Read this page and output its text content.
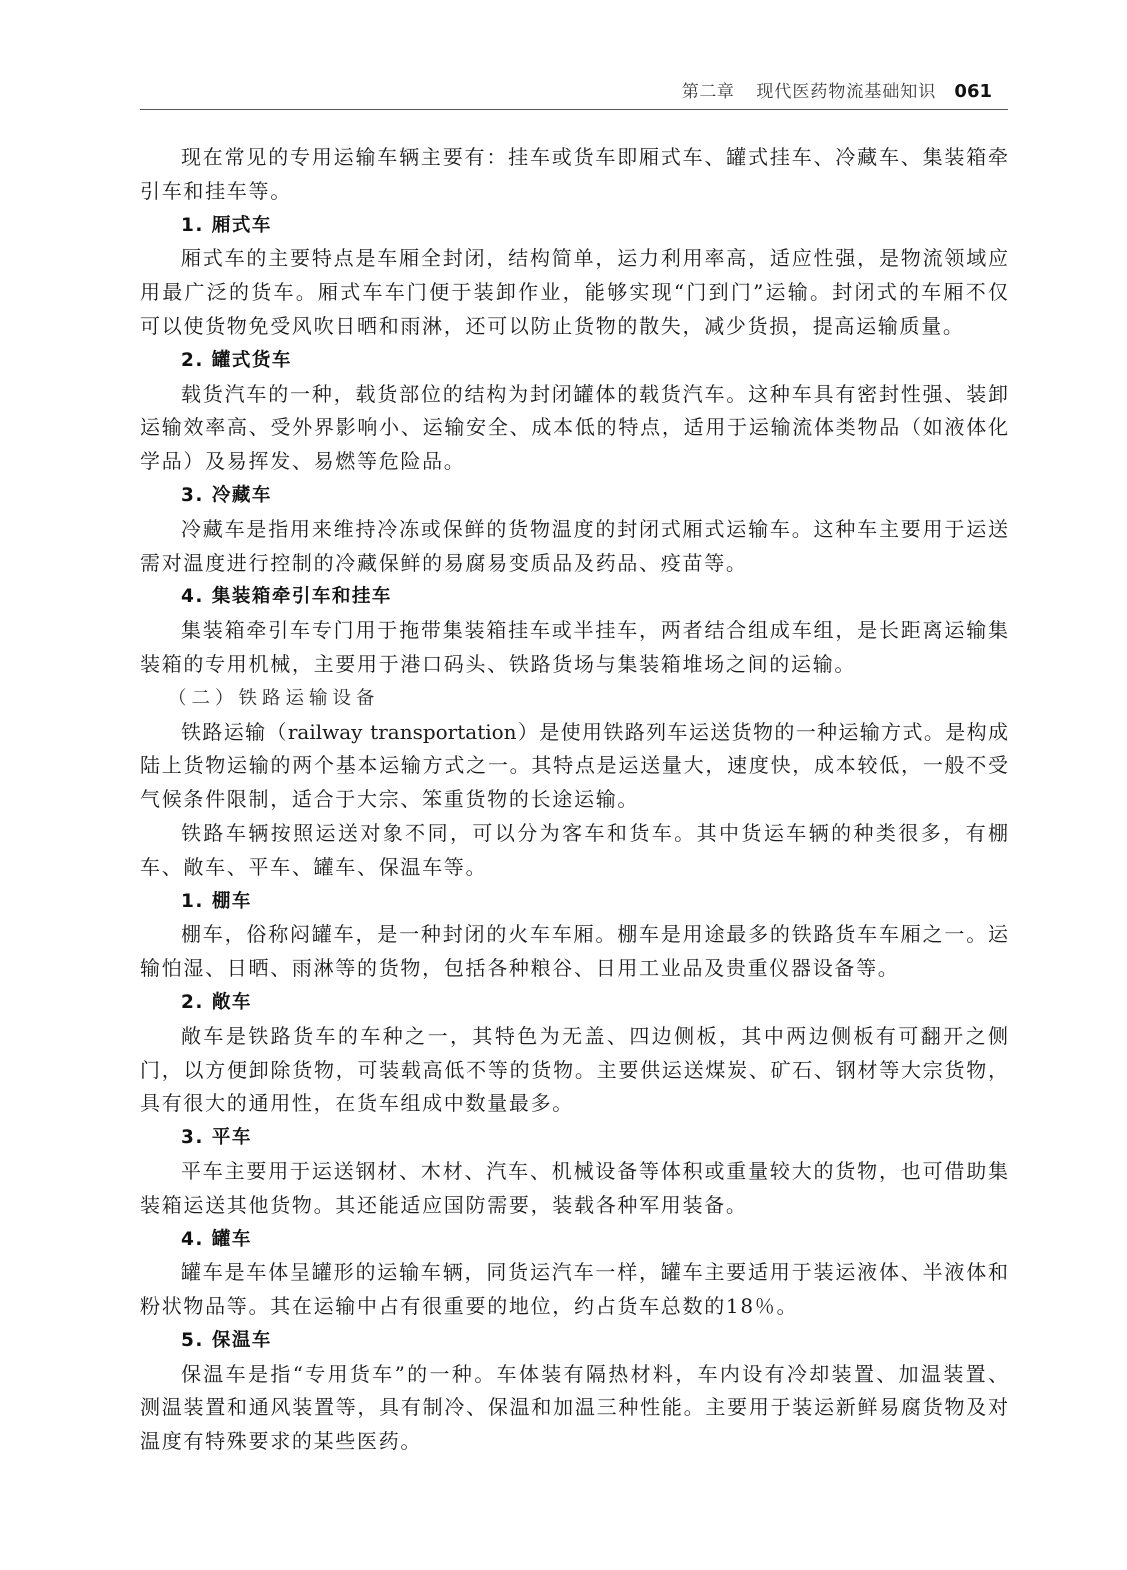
第二章 现代医药物流基础知识 061
现在常见的专用运输车辆主要有：挂车或货车即厢式车、罐式挂车、冷藏车、集装箱牵
引车和挂车等。
1. 厢式车
厢式车的主要特点是车厢全封闭，结构简单，运力利用率高，适应性强，是物流领域应
用最广泛的货车。厢式车车门便于装卸作业，能够实现“门到门”运输。封闭式的车厢不仅
可以使货物免受风吹日晒和雨淋，还可以防止货物的散失，减少货损，提高运输质量。
2. 罐式货车
载货汽车的一种，载货部位的结构为封闭罐体的载货汽车。这种车具有密封性强、装卸
运输效率高、受外界影响小、运输安全、成本低的特点，适用于运输流体类物品（如液体化
学品）及易挥发、易燃等危险品。
3. 冷藏车
冷藏车是指用来维持冷冻或保鲜的货物温度的封闭式厢式运输车。这种车主要用于运送
需对温度进行控制的冷藏保鲜的易腐易变质品及药品、疫苗等。
4. 集装箱牵引车和挂车
集装箱牵引车专门用于拖带集装箱挂车或半挂车，两者结合组成车组，是长距离运输集
装箱的专用机械，主要用于港口码头、铁路货场与集装箱堆场之间的运输。
（二）铁路运输设备
铁路运输（railway transportation）是使用铁路列车运送货物的一种运输方式。是构成
陆上货物运输的两个基本运输方式之一。其特点是运送量大，速度快，成本较低，一般不受
气候条件限制，适合于大宗、笨重货物的长途运输。
铁路车辆按照运送对象不同，可以分为客车和货车。其中货运车辆的种类很多，有棚
车、敞车、平车、罐车、保温车等。
1. 棚车
棚车，俗称闷罐车，是一种封闭的火车车厢。棚车是用途最多的铁路货车车厢之一。运
输怕湿、日晒、雨淋等的货物，包括各种粮谷、日用工业品及贵重仪器设备等。
2. 敞车
敞车是铁路货车的车种之一，其特色为无盖、四边侧板，其中两边侧板有可翻开之侧
门，以方便卸除货物，可装载高低不等的货物。主要供运送煤炭、矿石、钢材等大宗货物，
具有很大的通用性，在货车组成中数量最多。
3. 平车
平车主要用于运送钢材、木材、汽车、机械设备等体积或重量较大的货物，也可借助集
装箱运送其他货物。其还能适应国防需要，装载各种军用装备。
4. 罐车
罐车是车体呈罐形的运输车辆，同货运汽车一样，罐车主要适用于装运液体、半液体和
粉状物品等。其在运输中占有很重要的地位，约占货车总数的18％。
5. 保温车
保温车是指“专用货车”的一种。车体装有隔热材料，车内设有冷却装置、加温装置、
测温装置和通风装置等，具有制冷、保温和加温三种性能。主要用于装运新鲜易腐货物及对
温度有特殊要求的某些医药。
